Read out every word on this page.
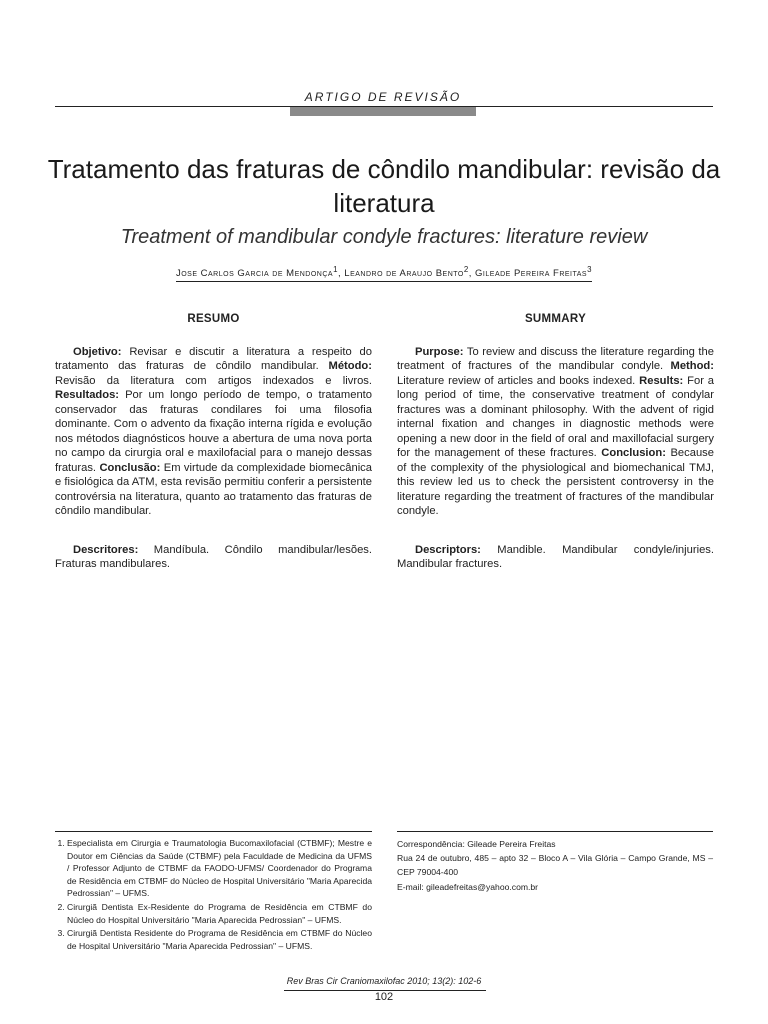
ARTIGO DE REVISÃO
Tratamento das fraturas de côndilo mandibular: revisão da literatura
Treatment of mandibular condyle fractures: literature review
Jose Carlos Garcia de Mendonça$^1$, Leandro de Araujo Bento$^2$, Gileade Pereira Freitas$^3$
RESUMO

Objetivo: Revisar e discutir a literatura a respeito do tratamento das fraturas de côndilo mandibular. Método: Revisão da literatura com artigos indexados e livros. Resultados: Por um longo período de tempo, o tratamento conservador das fraturas condilares foi uma filosofia dominante. Com o advento da fixação interna rígida e evolução nos métodos diagnósticos houve a abertura de uma nova porta no campo da cirurgia oral e maxilofacial para o manejo dessas fraturas. Conclusão: Em virtude da complexidade biomecânica e fisiológica da ATM, esta revisão permitiu conferir a persistente controvérsia na literatura, quanto ao tratamento das fraturas de côndilo mandibular.

Descritores: Mandíbula. Côndilo mandibular/lesões. Fraturas mandibulares.

SUMMARY

Purpose: To review and discuss the literature regarding the treatment of fractures of the mandibular condyle. Method: Literature review of articles and books indexed. Results: For a long period of time, the conservative treatment of condylar fractures was a dominant philosophy. With the advent of rigid internal fixation and changes in diagnostic methods were opening a new door in the field of oral and maxillofacial surgery for the management of these fractures. Conclusion: Because of the complexity of the physiological and biomechanical TMJ, this review led us to check the persistent controversy in the literature regarding the treatment of fractures of the mandibular condyle.

Descriptors: Mandible. Mandibular condyle/injuries. Mandibular fractures.

1. Especialista em Cirurgia e Traumatologia Bucomaxilofacial (CTBMF); Mestre e Doutor em Ciências da Saúde (CTBMF) pela Faculdade de Medicina da UFMS / Professor Adjunto de CTBMF da FAODO-UFMS/ Coordenador do Programa de Residência em CTBMF do Núcleo de Hospital Universitário "Maria Aparecida Pedrossian" – UFMS.
2. Cirurgiã Dentista Ex-Residente do Programa de Residência em CTBMF do Núcleo do Hospital Universitário "Maria Aparecida Pedrossian" – UFMS.
3. Cirurgiã Dentista Residente do Programa de Residência em CTBMF do Núcleo de Hospital Universitário "Maria Aparecida Pedrossian" – UFMS.
Correspondência: Gileade Pereira Freitas
Rua 24 de outubro, 485 – apto 32 – Bloco A – Vila Glória – Campo Grande, MS – CEP 79004-400
E-mail: gileadefreitas@yahoo.com.br
Rev Bras Cir Craniomaxilofac 2010; 13(2): 102-6
102
